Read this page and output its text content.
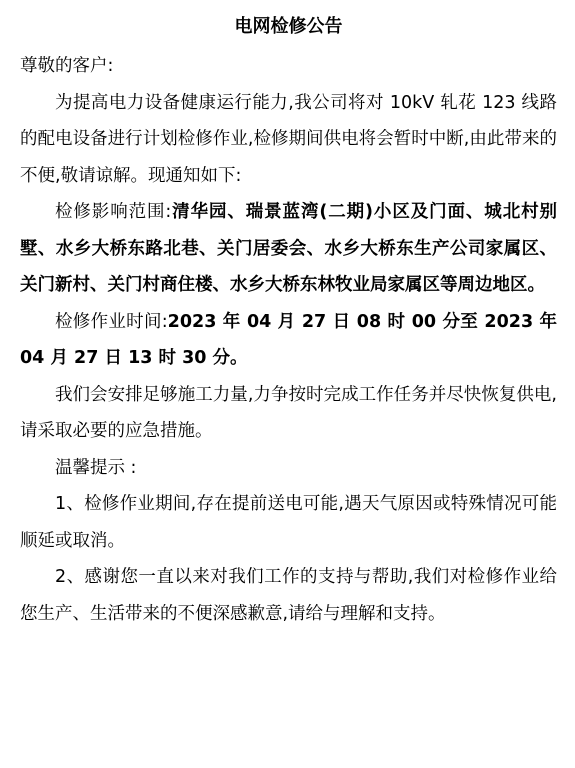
电网检修公告

尊敬的客户:

为提高电力设备健康运行能力,我公司将对 10kV 轧花 123 线路的配电设备进行计划检修作业,检修期间供电将会暂时中断,由此带来的不便,敬请谅解。现通知如下:

检修影响范围:清华园、瑞景蓝湾(二期)小区及门面、城北村别墅、水乡大桥东路北巷、关门居委会、水乡大桥东生产公司家属区、关门新村、关门村商住楼、水乡大桥东林牧业局家属区等周边地区。

检修作业时间:2023 年 04 月 27 日 08 时 00 分至 2023 年 04 月 27 日 13 时 30 分。

我们会安排足够施工力量,力争按时完成工作任务并尽快恢复供电,请采取必要的应急措施。

温馨提示 :

1、检修作业期间,存在提前送电可能,遇天气原因或特殊情况可能顺延或取消。

2、感谢您一直以来对我们工作的支持与帮助,我们对检修作业给您生产、生活带来的不便深感歉意,请给与理解和支持。
